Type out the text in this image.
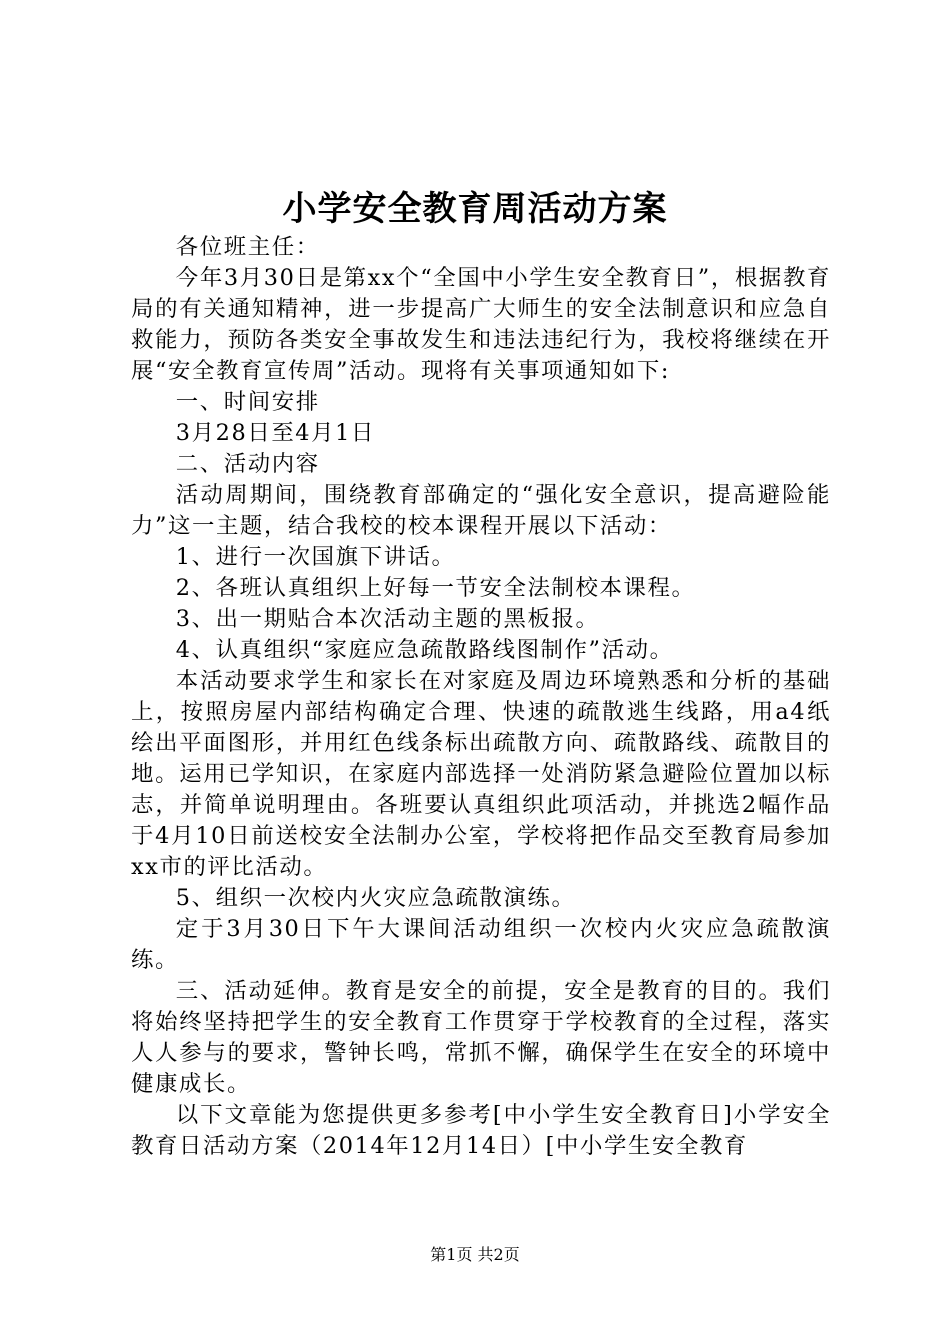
小学安全教育周活动方案

各位班主任：

今年3月30日是第xx个“全国中小学生安全教育日”，根据教育局的有关通知精神，进一步提高广大师生的安全法制意识和应急自救能力，预防各类安全事故发生和违法违纪行为，我校将继续在开展“安全教育宣传周”活动。现将有关事项通知如下:

一、时间安排

3月28日至4月1日

二、活动内容

活动周期间，围绕教育部确定的“强化安全意识，提高避险能力”这一主题，结合我校的校本课程开展以下活动：

1、进行一次国旗下讲话。

2、各班认真组织上好每一节安全法制校本课程。

3、出一期贴合本次活动主题的黑板报。

4、认真组织“家庭应急疏散路线图制作”活动。

本活动要求学生和家长在对家庭及周边环境熟悉和分析的基础上，按照房屋内部结构确定合理、快速的疏散逃生线路，用a4纸绘出平面图形，并用红色线条标出疏散方向、疏散路线、疏散目的地。运用已学知识，在家庭内部选择一处消防紧急避险位置加以标志，并简单说明理由。各班要认真组织此项活动，并挑选2幅作品于4月10日前送校安全法制办公室，学校将把作品交至教育局参加xx市的评比活动。

5、组织一次校内火灾应急疏散演练。

定于3月30日下午大课间活动组织一次校内火灾应急疏散演练。

三、活动延伸。教育是安全的前提，安全是教育的目的。我们将始终坚持把学生的安全教育工作贯穿于学校教育的全过程，落实人人参与的要求，警钟长鸣，常抓不懈，确保学生在安全的环境中健康成长。

以下文章能为您提供更多参考[中小学生安全教育日]小学安全教育日活动方案（2014年12月14日）[中小学生安全教育

第1页 共2页
